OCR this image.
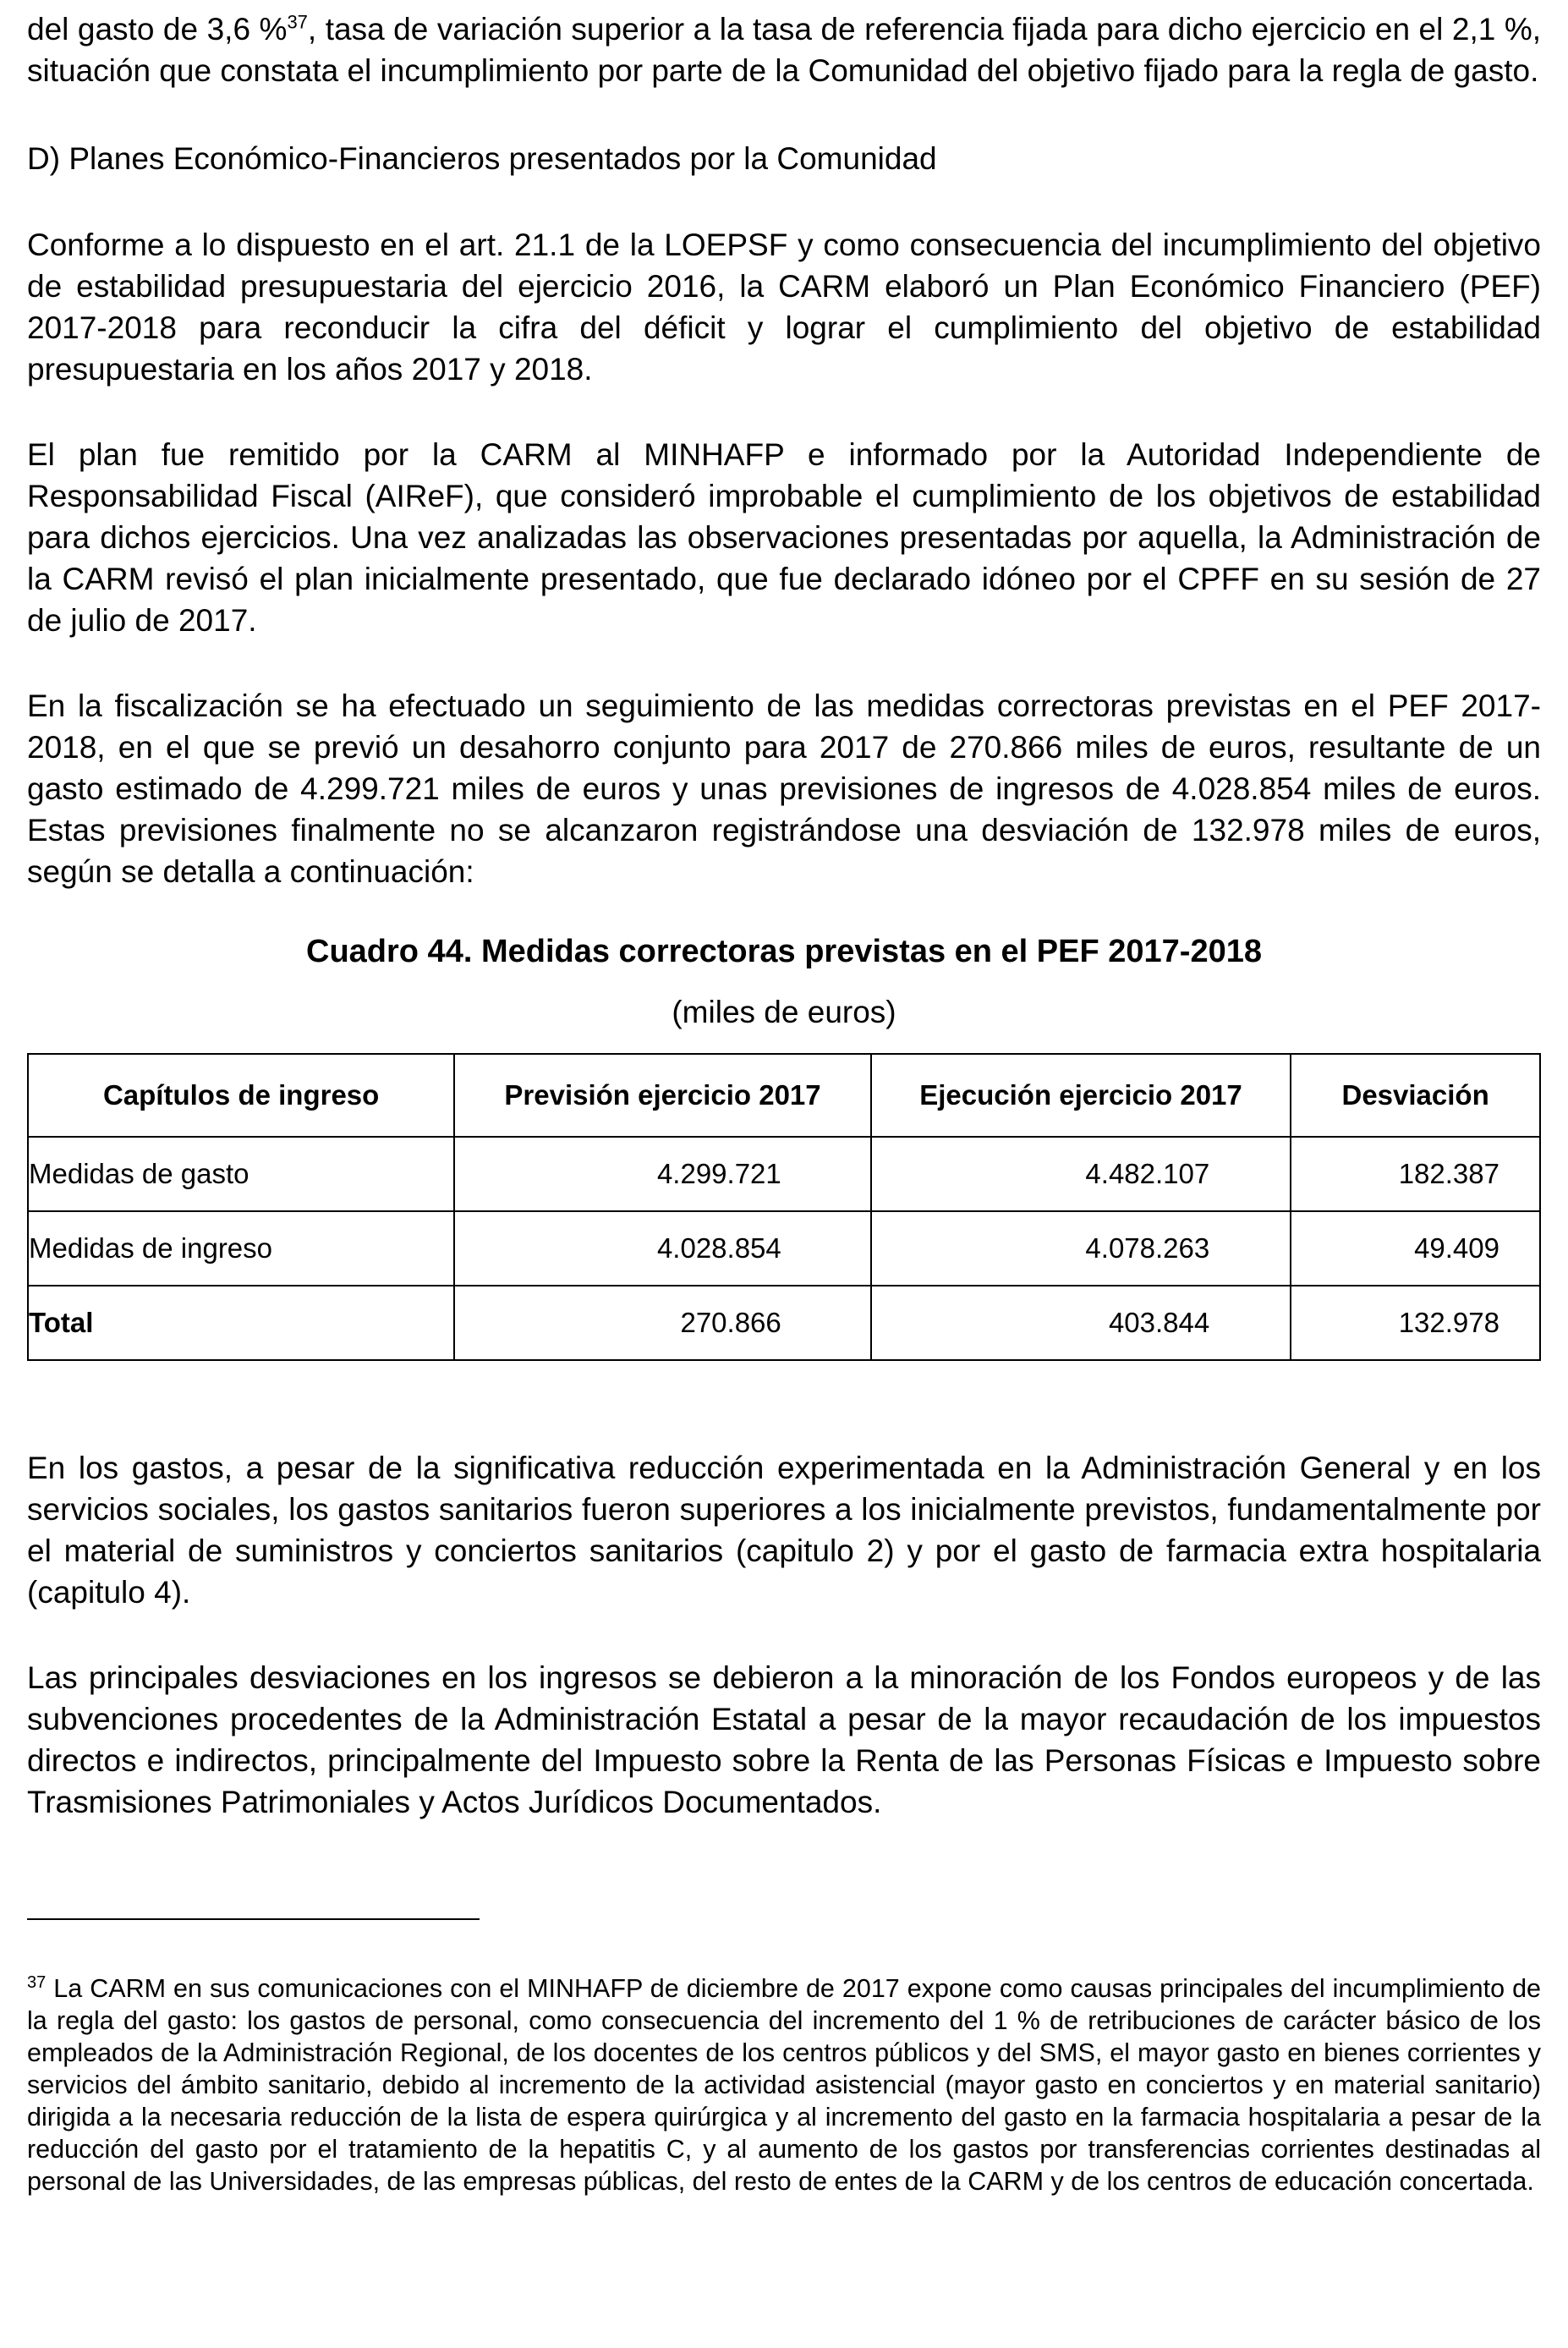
del gasto de 3,6 %$^{37}$, tasa de variación superior a la tasa de referencia fijada para dicho ejercicio en el 2,1 %, situación que constata el incumplimiento por parte de la Comunidad del objetivo fijado para la regla de gasto.

D) Planes Económico-Financieros presentados por la Comunidad

Conforme a lo dispuesto en el art. 21.1 de la LOEPSF y como consecuencia del incumplimiento del objetivo de estabilidad presupuestaria del ejercicio 2016, la CARM elaboró un Plan Económico Financiero (PEF) 2017-2018 para reconducir la cifra del déficit y lograr el cumplimiento del objetivo de estabilidad presupuestaria en los años 2017 y 2018.

El plan fue remitido por la CARM al MINHAFP e informado por la Autoridad Independiente de Responsabilidad Fiscal (AIReF), que consideró improbable el cumplimiento de los objetivos de estabilidad para dichos ejercicios. Una vez analizadas las observaciones presentadas por aquella, la Administración de la CARM revisó el plan inicialmente presentado, que fue declarado idóneo por el CPFF en su sesión de 27 de julio de 2017.

En la fiscalización se ha efectuado un seguimiento de las medidas correctoras previstas en el PEF 2017-2018, en el que se previó un desahorro conjunto para 2017 de 270.866 miles de euros, resultante de un gasto estimado de 4.299.721 miles de euros y unas previsiones de ingresos de 4.028.854 miles de euros. Estas previsiones finalmente no se alcanzaron registrándose una desviación de 132.978 miles de euros, según se detalla a continuación:

Cuadro 44. Medidas correctoras previstas en el PEF 2017-2018
(miles de euros)
Capítulos de ingreso	Previsión ejercicio 2017	Ejecución ejercicio 2017	Desviación
Medidas de gasto	4.299.721	4.482.107	182.387
Medidas de ingreso	4.028.854	4.078.263	49.409
Total	270.866	403.844	132.978

En los gastos, a pesar de la significativa reducción experimentada en la Administración General y en los servicios sociales, los gastos sanitarios fueron superiores a los inicialmente previstos, fundamentalmente por el material de suministros y conciertos sanitarios (capitulo 2) y por el gasto de farmacia extra hospitalaria (capitulo 4).

Las principales desviaciones en los ingresos se debieron a la minoración de los Fondos europeos y de las subvenciones procedentes de la Administración Estatal a pesar de la mayor recaudación de los impuestos directos e indirectos, principalmente del Impuesto sobre la Renta de las Personas Físicas e Impuesto sobre Trasmisiones Patrimoniales y Actos Jurídicos Documentados.

$^{37}$ La CARM en sus comunicaciones con el MINHAFP de diciembre de 2017 expone como causas principales del incumplimiento de la regla del gasto: los gastos de personal, como consecuencia del incremento del 1 % de retribuciones de carácter básico de los empleados de la Administración Regional, de los docentes de los centros públicos y del SMS, el mayor gasto en bienes corrientes y servicios del ámbito sanitario, debido al incremento de la actividad asistencial (mayor gasto en conciertos y en material sanitario) dirigida a la necesaria reducción de la lista de espera quirúrgica y al incremento del gasto en la farmacia hospitalaria a pesar de la reducción del gasto por el tratamiento de la hepatitis C, y al aumento de los gastos por transferencias corrientes destinadas al personal de las Universidades, de las empresas públicas, del resto de entes de la CARM y de los centros de educación concertada.
